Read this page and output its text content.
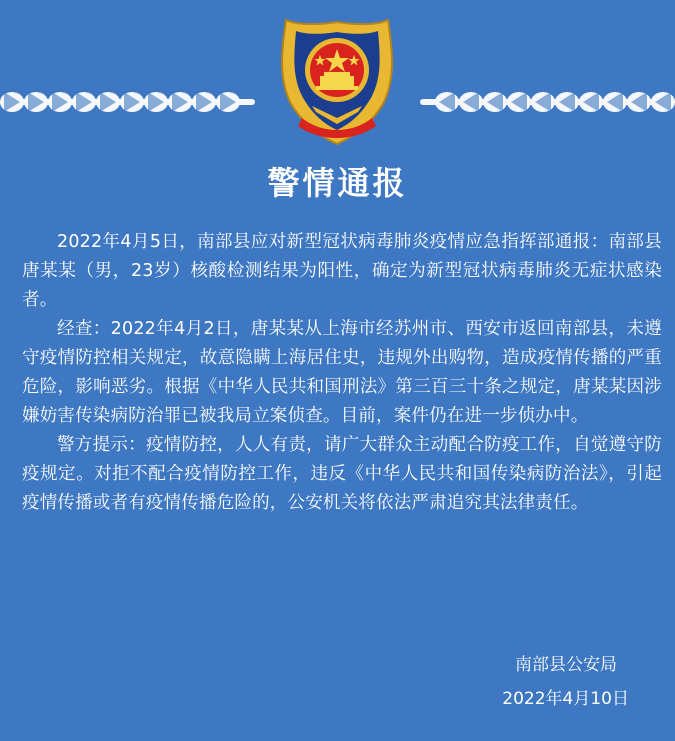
警情通报

2022年4月5日，南部县应对新型冠状病毒肺炎疫情应急指挥部通报：南部县唐某某（男，23岁）核酸检测结果为阳性，确定为新型冠状病毒肺炎无症状感染者。

经查：2022年4月2日，唐某某从上海市经苏州市、西安市返回南部县，未遵守疫情防控相关规定，故意隐瞒上海居住史，违规外出购物，造成疫情传播的严重危险，影响恶劣。根据《中华人民共和国刑法》第三百三十条之规定，唐某某因涉嫌妨害传染病防治罪已被我局立案侦查。目前，案件仍在进一步侦办中。

警方提示：疫情防控，人人有责，请广大群众主动配合防疫工作，自觉遵守防疫规定。对拒不配合疫情防控工作，违反《中华人民共和国传染病防治法》，引起疫情传播或者有疫情传播危险的，公安机关将依法严肃追究其法律责任。

南部县公安局
2022年4月10日
